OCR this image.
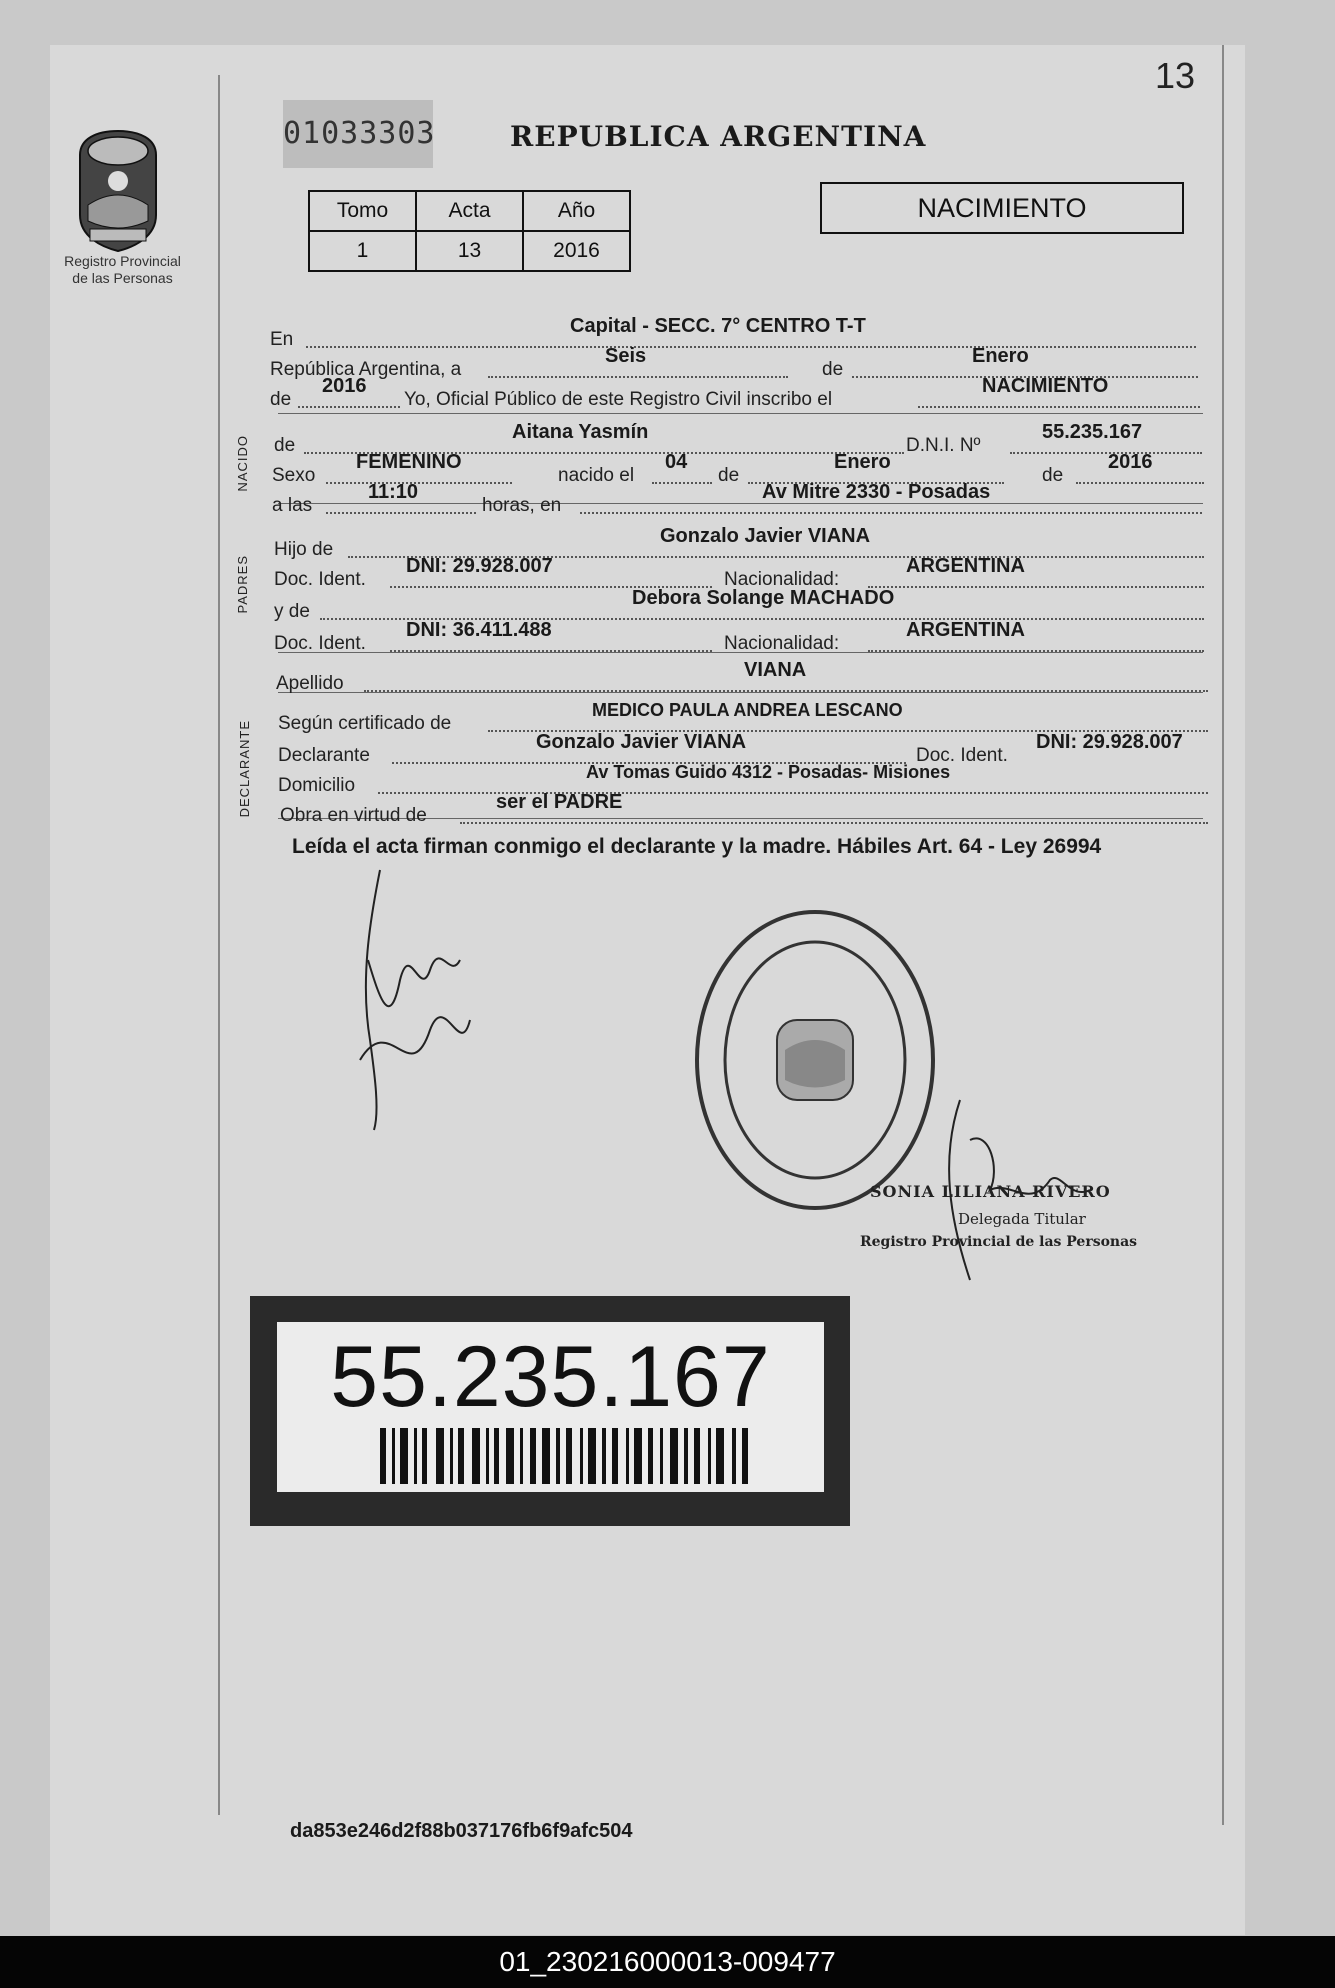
13
Registro Provincial
de las Personas
01033303	REPUBLICA ARGENTINA
Tomo	Acta	Año
1	13	2016
NACIMIENTO
NACIDO
PADRES
DECLARANTE
En
Capital - SECC. 7° CENTRO T-T
República Argentina, a
Seis
de
Enero
de
2016
Yo, Oficial Público de este Registro Civil inscribo el
NACIMIENTO
de
Aitana Yasmín
D.N.I. Nº
55.235.167
Sexo
FEMENINO
nacido el
04
de
Enero
de
2016
a las
11:10
horas, en
Av Mitre 2330 - Posadas
Hijo de
Gonzalo Javier VIANA
Doc. Ident.
DNI: 29.928.007
Nacionalidad:
ARGENTINA
y de
Debora Solange MACHADO
Doc. Ident.
DNI: 36.411.488
Nacionalidad:
ARGENTINA
Apellido
VIANA
Según certificado de
MEDICO PAULA ANDREA LESCANO
Declarante
Gonzalo Javier VIANA
Doc. Ident.
DNI: 29.928.007
Domicilio
Av Tomas Guido 4312 - Posadas- Misiones
Obra en virtud de
ser el PADRE
Leída el acta firman conmigo el declarante y la madre. Hábiles Art. 64 - Ley 26994
SONIA LILIANA RIVERO
Delegada Titular
Registro Provincial de las Personas
55.235.167
da853e246d2f88b037176fb6f9afc504
01_230216000013-009477
